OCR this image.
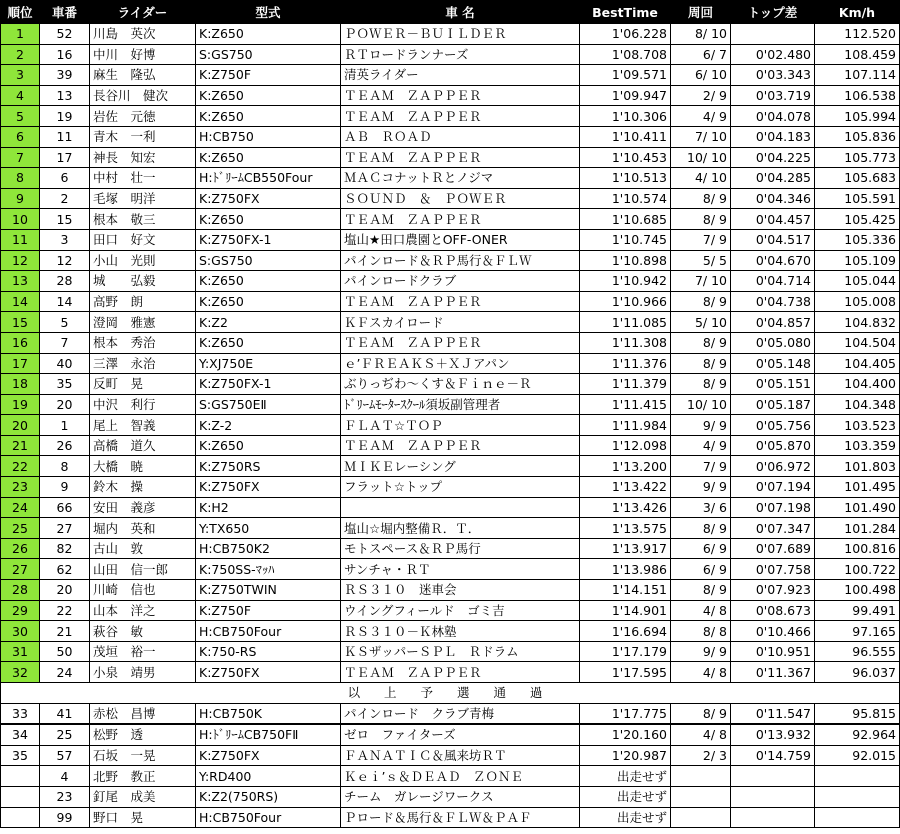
順位	車番	ライダー	型式	車 名	BestTime	周回	トップ差	Km/h
1	52	川島　英次	K:Z650	ＰＯＷＥＲ－ＢＵＩＬＤＥＲ	1'06.228	8/ 10		112.520
2	16	中川　好博	S:GS750	ＲＴロードランナーズ	1'08.708	6/ 7	0'02.480	108.459
3	39	麻生　隆弘	K:Z750F	清英ライダー	1'09.571	6/ 10	0'03.343	107.114
4	13	長谷川　健次	K:Z650	ＴＥＡＭ　ＺＡＰＰＥＲ	1'09.947	2/ 9	0'03.719	106.538
5	19	岩佐　元徳	K:Z650	ＴＥＡＭ　ＺＡＰＰＥＲ	1'10.306	4/ 9	0'04.078	105.994
6	11	青木　一利	H:CB750	ＡＢ　ＲＯＡＤ	1'10.411	7/ 10	0'04.183	105.836
7	17	神長　知宏	K:Z650	ＴＥＡＭ　ＺＡＰＰＥＲ	1'10.453	10/ 10	0'04.225	105.773
8	6	中村　壮一	H:ﾄﾞﾘｰﾑCB550Four	ＭＡＣコナットＲとノジマ	1'10.513	4/ 10	0'04.285	105.683
9	2	毛塚　明洋	K:Z750FX	ＳＯＵＮＤ　＆　ＰＯＷＥＲ	1'10.574	8/ 9	0'04.346	105.591
10	15	根本　敬三	K:Z650	ＴＥＡＭ　ＺＡＰＰＥＲ	1'10.685	8/ 9	0'04.457	105.425
11	3	田口　好文	K:Z750FX-1	塩山★田口農園とOFF-ONER	1'10.745	7/ 9	0'04.517	105.336
12	12	小山　光則	S:GS750	パインロード＆ＲＰ馬行＆ＦＬＷ	1'10.898	5/ 5	0'04.670	105.109
13	28	城　　弘毅	K:Z650	パインロードクラブ	1'10.942	7/ 10	0'04.714	105.044
14	14	高野　朗	K:Z650	ＴＥＡＭ　ＺＡＰＰＥＲ	1'10.966	8/ 9	0'04.738	105.008
15	5	澄岡　雅憲	K:Z2	ＫＦスカイロード	1'11.085	5/ 10	0'04.857	104.832
16	7	根本　秀治	K:Z650	ＴＥＡＭ　ＺＡＰＰＥＲ	1'11.308	8/ 9	0'05.080	104.504
17	40	三澤　永治	Y:XJ750E	ｅ’ＦＲＥＡＫＳ＋ＸＪアパン	1'11.376	8/ 9	0'05.148	104.405
18	35	反町　晃	K:Z750FX-1	ぶりっぢわ～くす＆Ｆｉｎｅ－Ｒ	1'11.379	8/ 9	0'05.151	104.400
19	20	中沢　利行	S:GS750EⅡ	ﾄﾞﾘｰﾑﾓｰﾀｰｽｸｰﾙ須坂副管理者	1'11.415	10/ 10	0'05.187	104.348
20	1	尾上　智義	K:Z-2	ＦＬＡＴ☆ＴＯＰ	1'11.984	9/ 9	0'05.756	103.523
21	26	高橋　道久	K:Z650	ＴＥＡＭ　ＺＡＰＰＥＲ	1'12.098	4/ 9	0'05.870	103.359
22	8	大橋　暁	K:Z750RS	ＭＩＫＥレーシング	1'13.200	7/ 9	0'06.972	101.803
23	9	鈴木　操	K:Z750FX	フラット☆トップ	1'13.422	9/ 9	0'07.194	101.495
24	66	安田　義彦	K:H2		1'13.426	3/ 6	0'07.198	101.490
25	27	堀内　英和	Y:TX650	塩山☆堀内整備Ｒ．Ｔ．	1'13.575	8/ 9	0'07.347	101.284
26	82	古山　敦	H:CB750K2	モトスペース＆ＲＰ馬行	1'13.917	6/ 9	0'07.689	100.816
27	62	山田　信一郎	K:750SS-ﾏｯﾊ	サンチャ・ＲＴ	1'13.986	6/ 9	0'07.758	100.722
28	20	川崎　信也	K:Z750TWIN	ＲＳ３１０　迷車会	1'14.151	8/ 9	0'07.923	100.498
29	22	山本　洋之	K:Z750F	ウイングフィールド　ゴミ吉	1'14.901	4/ 8	0'08.673	99.491
30	21	萩谷　敏	H:CB750Four	ＲＳ３１０－Ｋ林塾	1'16.694	8/ 8	0'10.466	97.165
31	50	茂垣　裕一	K:750-RS	ＫＳザッパーＳＰＬ　Ｒドラム	1'17.179	9/ 9	0'10.951	96.555
32	24	小泉　靖男	K:Z750FX	ＴＥＡＭ　ＺＡＰＰＥＲ	1'17.595	4/ 8	0'11.367	96.037
以 上 予 選 通 過								
33	41	赤松　昌博	H:CB750K	パインロード　クラブ青梅	1'17.775	8/ 9	0'11.547	95.815
34	25	松野　透	H:ﾄﾞﾘｰﾑCB750FⅡ	ゼロ　ファイターズ	1'20.160	4/ 8	0'13.932	92.964
35	57	石坂　一晃	K:Z750FX	ＦＡＮＡＴＩＣ＆風来坊ＲＴ	1'20.987	2/ 3	0'14.759	92.015
	4	北野　教正	Y:RD400	Ｋｅｉ’ｓ＆ＤＥＡＤ　ＺＯＮＥ	出走せず			
	23	釘尾　成美	K:Z2(750RS)	チーム　ガレージワークス	出走せず			
	99	野口　晃	H:CB750Four	Ｐロード＆馬行＆ＦＬＷ＆ＰＡＦ	出走せず			
